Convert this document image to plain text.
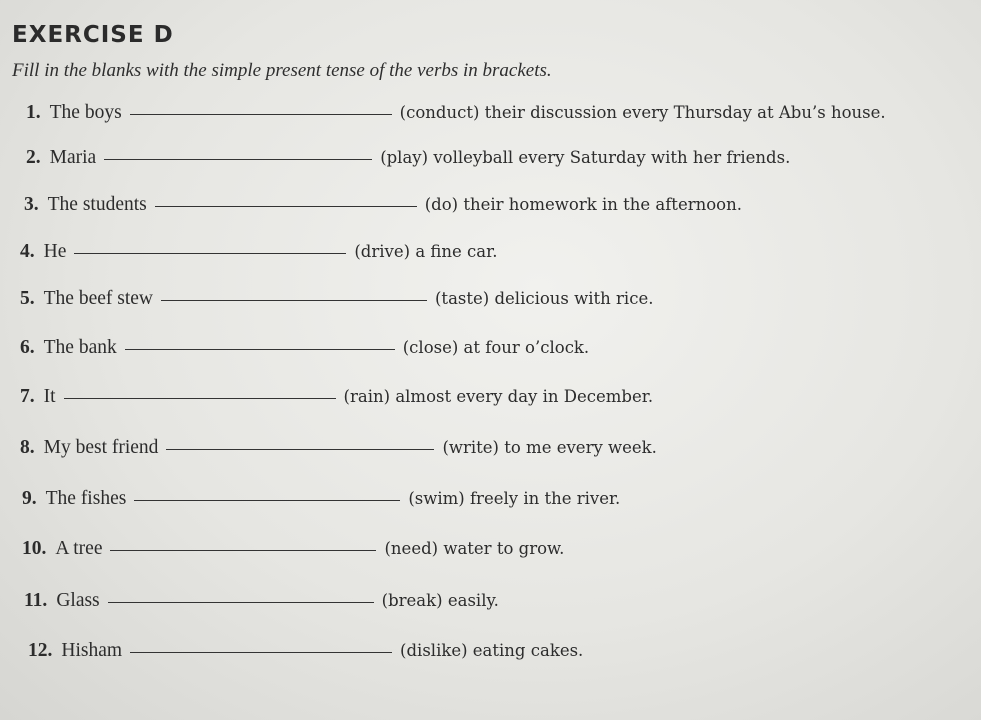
EXERCISE D

Fill in the blanks with the simple present tense of the verbs in brackets.

1. The boys	(conduct) their discussion every Thursday at Abu’s house.
2. Maria	(play) volleyball every Saturday with her friends.
3. The students	(do) their homework in the afternoon.
4. He	(drive) a fine car.
5. The beef stew	(taste) delicious with rice.
6. The bank	(close) at four o’clock.
7. It	(rain) almost every day in December.
8. My best friend	(write) to me every week.
9. The fishes	(swim) freely in the river.
10. A tree	(need) water to grow.
11. Glass	(break) easily.
12. Hisham	(dislike) eating cakes.
